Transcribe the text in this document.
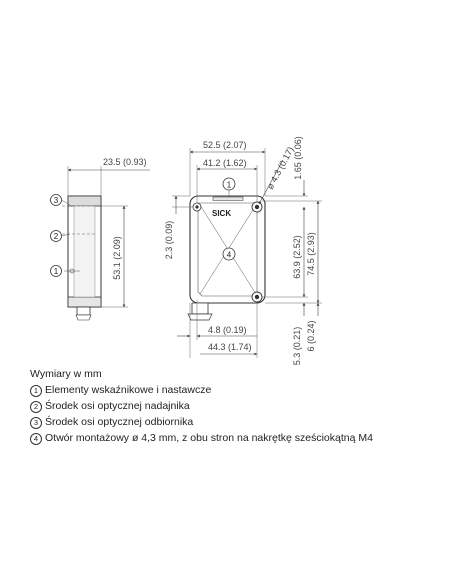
3
2
1
23.5 (0.93)
53.1 (2.09)
SICK
1
4
52.5 (2.07)
41.2 (1.62)
ø 4.3 (0.17)
1.65 (0.06)
2.3 (0.09)
63.9 (2.52)
74.5 (2.93)
4.8 (0.19)
44.3 (1.74)
5.3 (0.21) 6 (0.24)
Wymiary w mm
1 Elementy wskaźnikowe i nastawcze
2 Środek osi optycznej nadajnika
3 Środek osi optycznej odbiornika
4 Otwór montażowy ø 4,3 mm, z obu stron na nakrętkę sześciokątną M4
